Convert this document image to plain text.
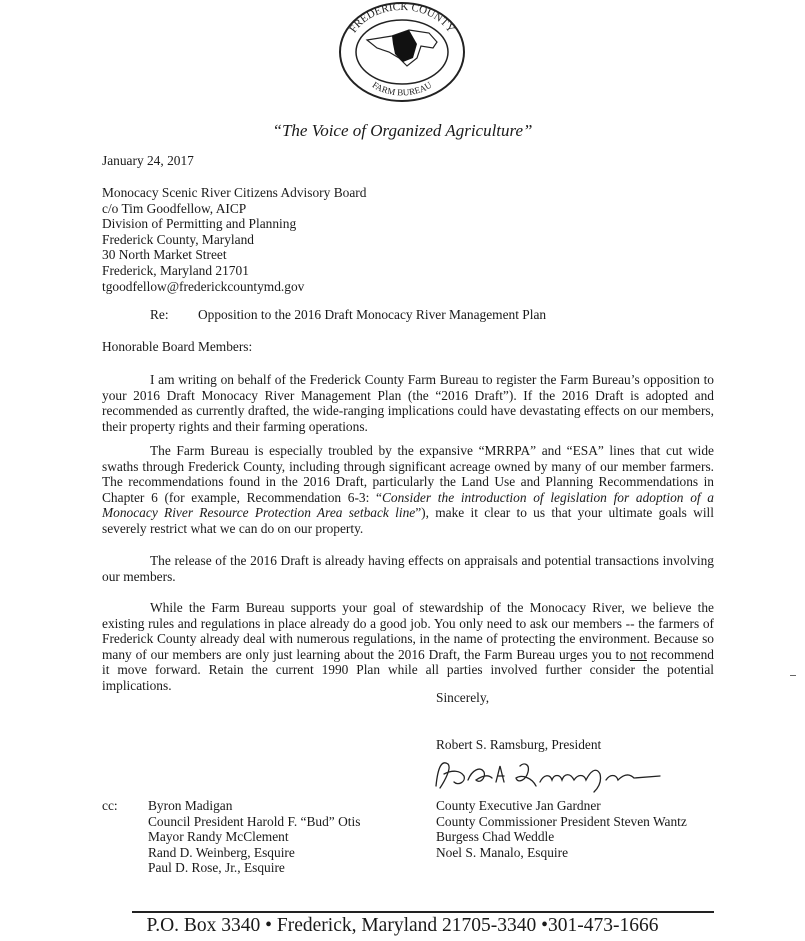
FREDERICK COUNTY
FARM BUREAU
“The Voice of Organized Agriculture”
January 24, 2017
Monocacy Scenic River Citizens Advisory Board
c/o Tim Goodfellow, AICP
Division of Permitting and Planning
Frederick County, Maryland
30 North Market Street
Frederick, Maryland 21701
tgoodfellow@frederickcountymd.gov
Re: Opposition to the 2016 Draft Monocacy River Management Plan
Honorable Board Members:
I am writing on behalf of the Frederick County Farm Bureau to register the Farm Bureau’s opposition to your 2016 Draft Monocacy River Management Plan (the “2016 Draft”). If the 2016 Draft is adopted and recommended as currently drafted, the wide-ranging implications could have devastating effects on our members, their property rights and their farming operations.
The Farm Bureau is especially troubled by the expansive “MRRPA” and “ESA” lines that cut wide swaths through Frederick County, including through significant acreage owned by many of our member farmers. The recommendations found in the 2016 Draft, particularly the Land Use and Planning Recommendations in Chapter 6 (for example, Recommendation 6-3: “Consider the introduction of legislation for adoption of a Monocacy River Resource Protection Area setback line”), make it clear to us that your ultimate goals will severely restrict what we can do on our property.
The release of the 2016 Draft is already having effects on appraisals and potential transactions involving our members.
While the Farm Bureau supports your goal of stewardship of the Monocacy River, we believe the existing rules and regulations in place already do a good job. You only need to ask our members -- the farmers of Frederick County already deal with numerous regulations, in the name of protecting the environment. Because so many of our members are only just learning about the 2016 Draft, the Farm Bureau urges you to not recommend it move forward. Retain the current 1990 Plan while all parties involved further consider the potential implications.
Sincerely,
Robert S. Ramsburg, President
cc: Byron Madigan
Council President Harold F. “Bud” Otis
Mayor Randy McClement
Rand D. Weinberg, Esquire
Paul D. Rose, Jr., Esquire
County Executive Jan Gardner
County Commissioner President Steven Wantz
Burgess Chad Weddle
Noel S. Manalo, Esquire
P.O. Box 3340 • Frederick, Maryland 21705-3340 •301-473-1666
